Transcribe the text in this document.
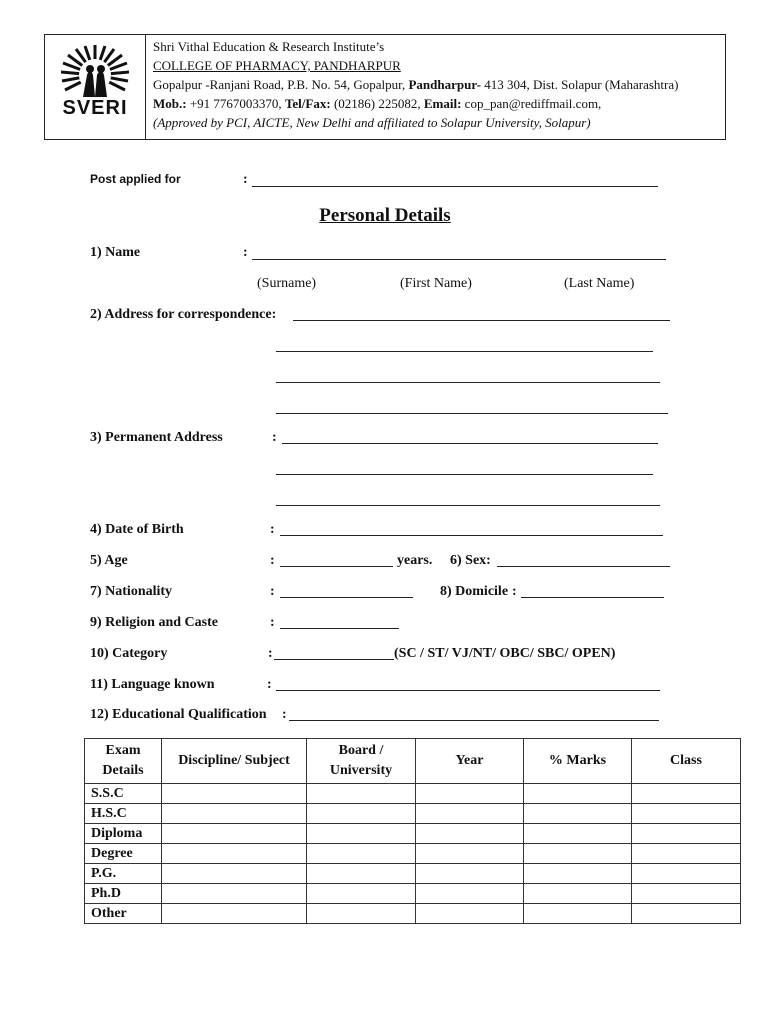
SVERI
Shri Vithal Education & Research Institute’s
COLLEGE OF PHARMACY, PANDHARPUR
Gopalpur -Ranjani Road, P.B. No. 54, Gopalpur, Pandharpur- 413 304, Dist. Solapur (Maharashtra)
Mob.: +91 7767003370, Tel/Fax: (02186) 225082, Email: cop_pan@rediffmail.com,
(Approved by PCI, AICTE, New Delhi and affiliated to Solapur University, Solapur)
Post applied for	:
Personal Details
1) Name	:
(Surname)	(First Name)	(Last Name)
2) Address for correspondence:
3) Permanent Address	:
4) Date of Birth	:
5) Age	:	years. 6) Sex:
7) Nationality	:	8) Domicile :
9) Religion and Caste	:
10) Category	:	(SC / ST/ VJ/NT/ OBC/ SBC/ OPEN)
11) Language known	:
12) Educational Qualification :
Exam Details	Discipline/ Subject	Board / University	Year	% Marks	Class
S.S.C					
H.S.C					
Diploma					
Degree					
P.G.					
Ph.D					
Other					
